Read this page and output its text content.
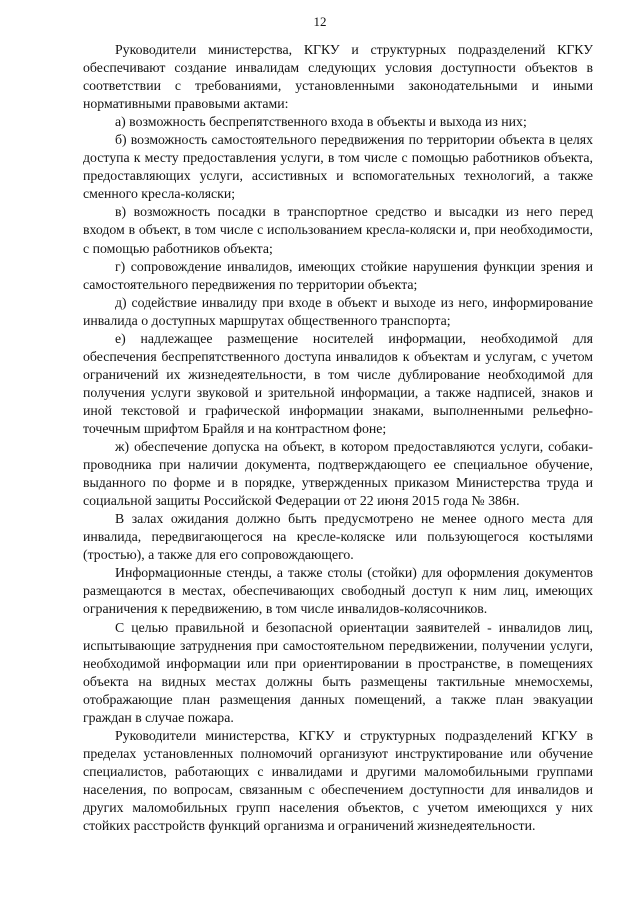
12

Руководители министерства, КГКУ и структурных подразделений КГКУ обеспечивают создание инвалидам следующих условия доступности объектов в соответствии с требованиями, установленными законодательными и иными нормативными правовыми актами:

а) возможность беспрепятственного входа в объекты и выхода из них;

б) возможность самостоятельного передвижения по территории объекта в целях доступа к месту предоставления услуги, в том числе с помощью работников объекта, предоставляющих услуги, ассистивных и вспомогательных технологий, а также сменного кресла-коляски;

в) возможность посадки в транспортное средство и высадки из него перед входом в объект, в том числе с использованием кресла-коляски и, при необходимости, с помощью работников объекта;

г) сопровождение инвалидов, имеющих стойкие нарушения функции зрения и самостоятельного передвижения по территории объекта;

д) содействие инвалиду при входе в объект и выходе из него, информирование инвалида о доступных маршрутах общественного транспорта;

е) надлежащее размещение носителей информации, необходимой для обеспечения беспрепятственного доступа инвалидов к объектам и услугам, с учетом ограничений их жизнедеятельности, в том числе дублирование необходимой для получения услуги звуковой и зрительной информации, а также надписей, знаков и иной текстовой и графической информации знаками, выполненными рельефно-точечным шрифтом Брайля и на контрастном фоне;

ж) обеспечение допуска на объект, в котором предоставляются услуги, собаки-проводника при наличии документа, подтверждающего ее специальное обучение, выданного по форме и в порядке, утвержденных приказом Министерства труда и социальной защиты Российской Федерации от 22 июня 2015 года № 386н.

В залах ожидания должно быть предусмотрено не менее одного места для инвалида, передвигающегося на кресле-коляске или пользующегося костылями (тростью), а также для его сопровождающего.

Информационные стенды, а также столы (стойки) для оформления документов размещаются в местах, обеспечивающих свободный доступ к ним лиц, имеющих ограничения к передвижению, в том числе инвалидов-колясочников.

С целью правильной и безопасной ориентации заявителей - инвалидов лиц, испытывающие затруднения при самостоятельном передвижении, получении услуги, необходимой информации или при ориентировании в пространстве, в помещениях объекта на видных местах должны быть размещены тактильные мнемосхемы, отображающие план размещения данных помещений, а также план эвакуации граждан в случае пожара.

Руководители министерства, КГКУ и структурных подразделений КГКУ в пределах установленных полномочий организуют инструктирование или обучение специалистов, работающих с инвалидами и другими маломобильными группами населения, по вопросам, связанным с обеспечением доступности для инвалидов и других маломобильных групп населения объектов, с учетом имеющихся у них стойких расстройств функций организма и ограничений жизнедеятельности.
